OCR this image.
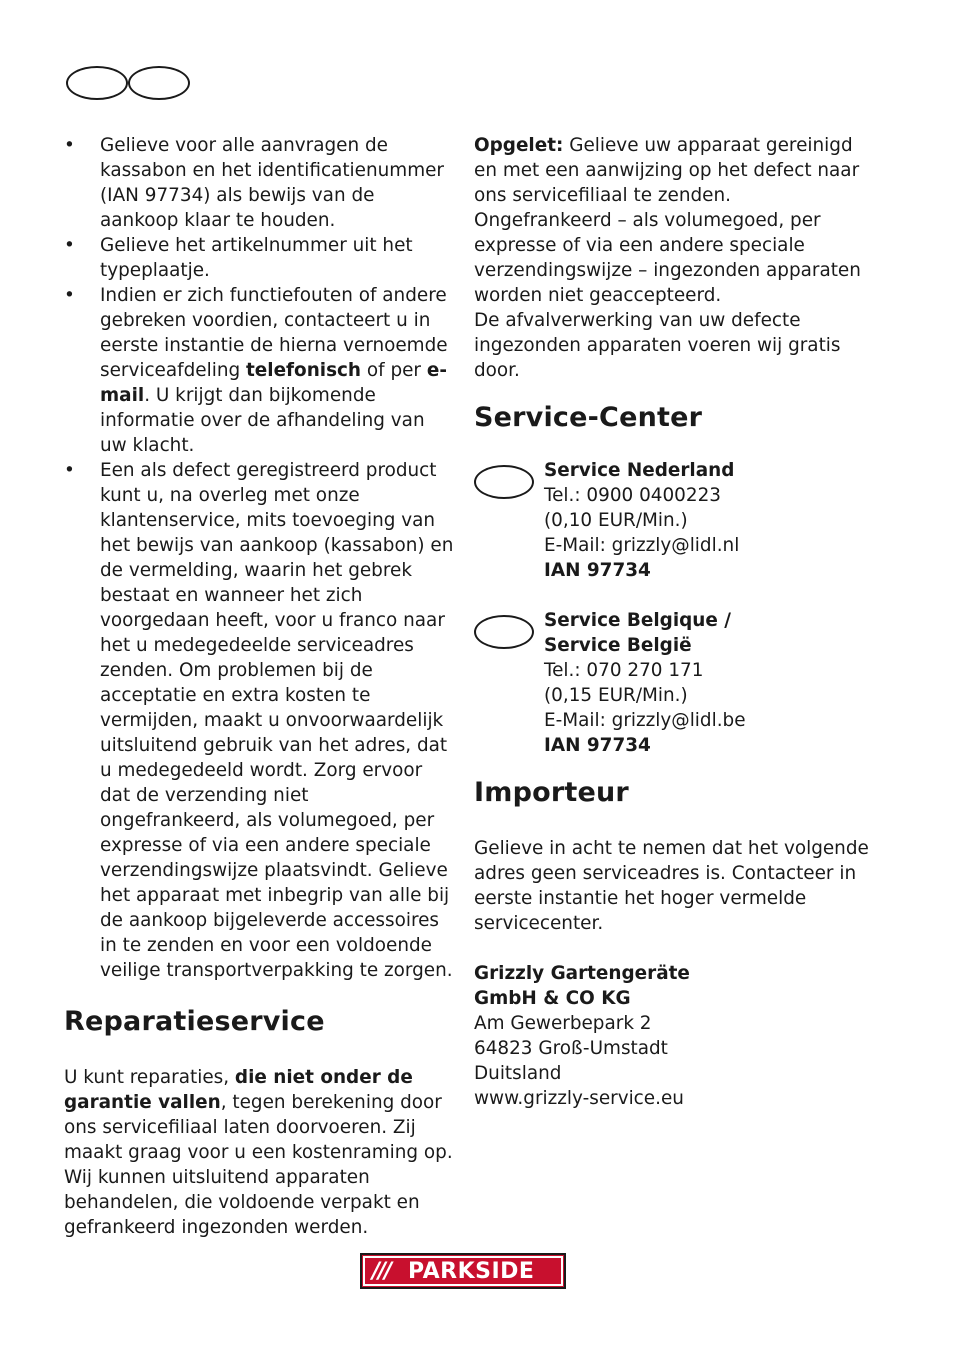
• Gelieve voor alle aanvragen de kassabon en het identificatienummer (IAN 97734) als bewijs van de aankoop klaar te houden.
• Gelieve het artikelnummer uit het typeplaatje.
• Indien er zich functiefouten of andere gebreken voordien, contacteert u in eerste instantie de hierna vernoemde serviceafdeling telefonisch of per e-mail. U krijgt dan bijkomende informatie over de afhandeling van uw klacht.
• Een als defect geregistreerd product kunt u, na overleg met onze klantenservice, mits toevoeging van het bewijs van aankoop (kassabon) en de vermelding, waarin het gebrek bestaat en wanneer het zich voorgedaan heeft, voor u franco naar het u medegedeelde serviceadres zenden. Om problemen bij de acceptatie en extra kosten te vermijden, maakt u onvoorwaardelijk uitsluitend gebruik van het adres, dat u medegedeeld wordt. Zorg ervoor dat de verzending niet ongefrankeerd, als volumegoed, per expresse of via een andere speciale verzendingswijze plaatsvindt. Gelieve het apparaat met inbegrip van alle bij de aankoop bijgeleverde accessoires in te zenden en voor een voldoende veilige transportverpakking te zorgen.
Reparatieservice

U kunt reparaties, die niet onder de garantie vallen, tegen berekening door ons servicefiliaal laten doorvoeren. Zij maakt graag voor u een kostenraming op.

Wij kunnen uitsluitend apparaten behandelen, die voldoende verpakt en gefrankeerd ingezonden werden.

Opgelet: Gelieve uw apparaat gereinigd en met een aanwijzing op het defect naar ons servicefiliaal te zenden.

Ongefrankeerd – als volumegoed, per expresse of via een andere speciale verzendingswijze – ingezonden apparaten worden niet geaccepteerd.

De afvalverwerking van uw defecte ingezonden apparaten voeren wij gratis door.

Service-Center
Service Nederland
Tel.: 0900 0400223
(0,10 EUR/Min.)
E-Mail: grizzly@lidl.nl
IAN 97734
Service Belgique / Service België
Tel.: 070 270 171
(0,15 EUR/Min.)
E-Mail: grizzly@lidl.be
IAN 97734
Importeur

Gelieve in acht te nemen dat het volgende adres geen serviceadres is. Contacteer in eerste instantie het hoger vermelde servicecenter.

Grizzly Gartengeräte
GmbH & CO KG
Am Gewerbepark 2
64823 Groß-Umstadt
Duitsland
www.grizzly-service.eu
/// PARKSIDE
